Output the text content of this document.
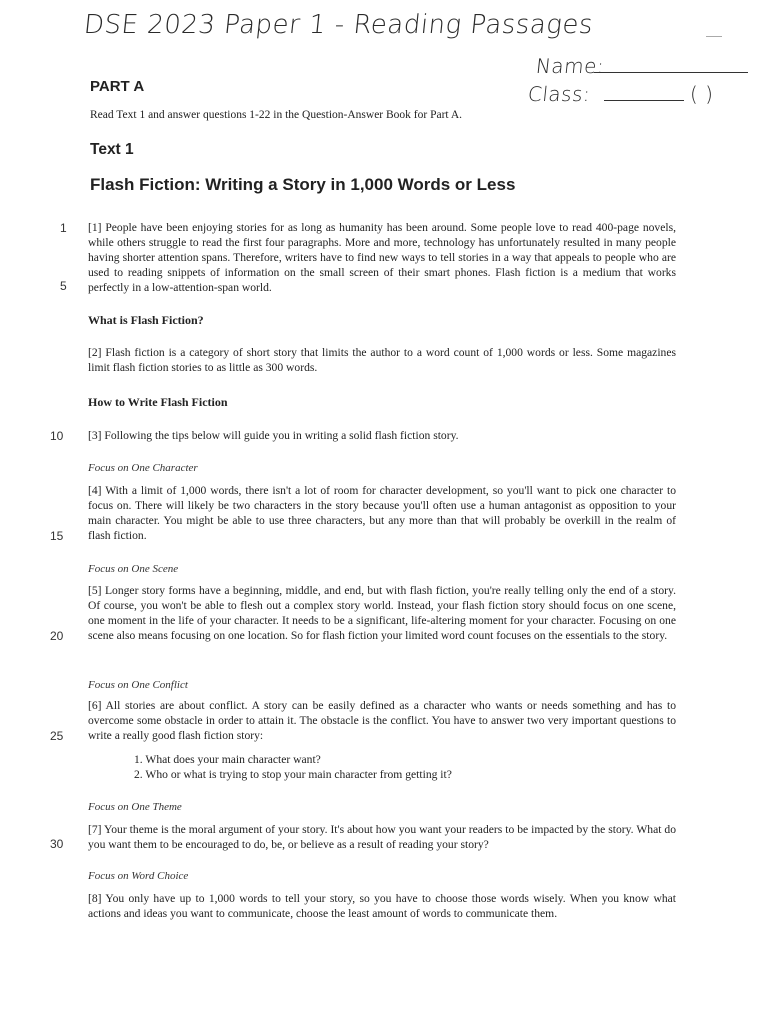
DSE 2023 Paper 1 - Reading Passages
Name:
Class:	( )
PART A
Read Text 1 and answer questions 1-22 in the Question-Answer Book for Part A.
Text 1
Flash Fiction: Writing a Story in 1,000 Words or Less
1
5
10
15
20
25
30
[1] People have been enjoying stories for as long as humanity has been around. Some people love to read 400-page novels, while others struggle to read the first four paragraphs. More and more, technology has unfortunately resulted in many people having shorter attention spans. Therefore, writers have to find new ways to tell stories in a way that appeals to people who are used to reading snippets of information on the small screen of their smart phones. Flash fiction is a medium that works perfectly in a low-attention-span world.
What is Flash Fiction?
[2] Flash fiction is a category of short story that limits the author to a word count of 1,000 words or less. Some magazines limit flash fiction stories to as little as 300 words.
How to Write Flash Fiction
[3] Following the tips below will guide you in writing a solid flash fiction story.
Focus on One Character
[4] With a limit of 1,000 words, there isn't a lot of room for character development, so you'll want to pick one character to focus on. There will likely be two characters in the story because you'll often use a human antagonist as opposition to your main character. You might be able to use three characters, but any more than that will probably be overkill in the realm of flash fiction.
Focus on One Scene
[5] Longer story forms have a beginning, middle, and end, but with flash fiction, you're really telling only the end of a story. Of course, you won't be able to flesh out a complex story world. Instead, your flash fiction story should focus on one scene, one moment in the life of your character. It needs to be a significant, life-altering moment for your character. Focusing on one scene also means focusing on one location. So for flash fiction your limited word count focuses on the essentials to the story.
Focus on One Conflict
[6] All stories are about conflict. A story can be easily defined as a character who wants or needs something and has to overcome some obstacle in order to attain it. The obstacle is the conflict. You have to answer two very important questions to write a really good flash fiction story:
1. What does your main character want?
2. Who or what is trying to stop your main character from getting it?
Focus on One Theme
[7] Your theme is the moral argument of your story. It's about how you want your readers to be impacted by the story. What do you want them to be encouraged to do, be, or believe as a result of reading your story?
Focus on Word Choice
[8] You only have up to 1,000 words to tell your story, so you have to choose those words wisely. When you know what actions and ideas you want to communicate, choose the least amount of words to communicate them.
